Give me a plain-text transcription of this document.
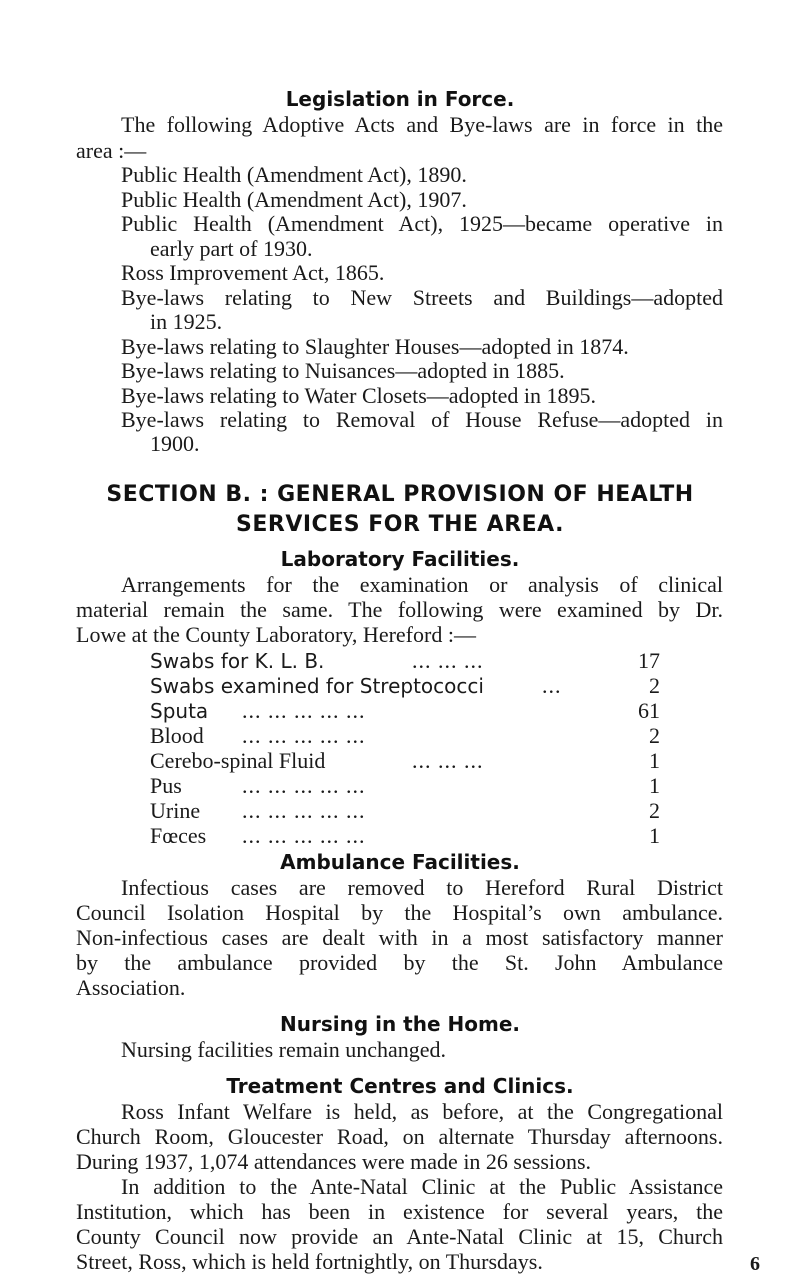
Legislation in Force.
The following Adoptive Acts and Bye-laws are in force in the
area :—
Public Health (Amendment Act), 1890.
Public Health (Amendment Act), 1907.
Public Health (Amendment Act), 1925—became operative in
early part of 1930.
Ross Improvement Act, 1865.
Bye-laws relating to New Streets and Buildings—adopted
in 1925.
Bye-laws relating to Slaughter Houses—adopted in 1874.
Bye-laws relating to Nuisances—adopted in 1885.
Bye-laws relating to Water Closets—adopted in 1895.
Bye-laws relating to Removal of House Refuse—adopted in
1900.
SECTION B. : GENERAL PROVISION OF HEALTH
SERVICES FOR THE AREA.
Laboratory Facilities.
Arrangements for the examination or analysis of clinical
material remain the same. The following were examined by Dr.
Lowe at the County Laboratory, Hereford :—
Swabs for K. L. B.	... ... ...	17
Swabs examined for Streptococci	...	2
Sputa ... ... ... ... ...	61
Blood ... ... ... ... ...	2
Cerebo-spinal Fluid	... ... ...	1
Pus	... ... ... ... ...	1
Urine ... ... ... ... ...	2
Fœces ... ... ... ... ...	1
Ambulance Facilities.
Infectious cases are removed to Hereford Rural District
Council Isolation Hospital by the Hospital’s own ambulance.
Non-infectious cases are dealt with in a most satisfactory manner
by the ambulance provided by the St. John Ambulance
Association.
Nursing in the Home.
Nursing facilities remain unchanged.
Treatment Centres and Clinics.
Ross Infant Welfare is held, as before, at the Congregational
Church Room, Gloucester Road, on alternate Thursday afternoons.
During 1937, 1,074 attendances were made in 26 sessions.
In addition to the Ante-Natal Clinic at the Public Assistance
Institution, which has been in existence for several years, the
County Council now provide an Ante-Natal Clinic at 15, Church
Street, Ross, which is held fortnightly, on Thursdays.	6
